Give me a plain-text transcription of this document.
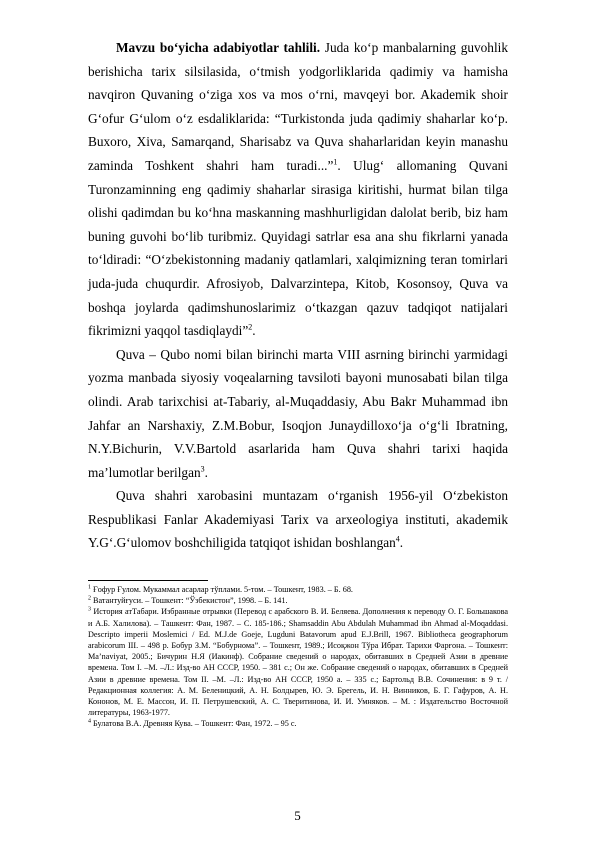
Mavzu bo‘yicha adabiyotlar tahlili. Juda ko‘p manbalarning guvohlik berishicha tarix silsilasida, o‘tmish yodgorliklarida qadimiy va hamisha navqiron Quvaning o‘ziga xos va mos o‘rni, mavqeyi bor. Akademik shoir G‘ofur G‘ulom o‘z esdaliklarida: “Turkistonda juda qadimiy shaharlar ko‘p. Buxoro, Xiva, Samarqand, Sharisabz va Quva shaharlaridan keyin manashu zaminda Toshkent shahri ham turadi...”$^1$. Ulug‘ allomaning Quvani Turonzaminning eng qadimiy shaharlar sirasiga kiritishi, hurmat bilan tilga olishi qadimdan bu ko‘hna maskanning mashhurligidan dalolat berib, biz ham buning guvohi bo‘lib turibmiz. Quyidagi satrlar esa ana shu fikrlarni yanada to‘ldiradi: “O‘zbekistonning madaniy qatlamlari, xalqimizning teran tomirlari juda-juda chuqurdir. Afrosiyob, Dalvarzintepa, Kitob, Kosonsoy, Quva va boshqa joylarda qadimshunoslarimiz o‘tkazgan qazuv tadqiqot natijalari fikrimizni yaqqol tasdiqlaydi”$^2$.

Quva – Qubo nomi bilan birinchi marta VIII asrning birinchi yarmidagi yozma manbada siyosiy voqealarning tavsiloti bayoni munosabati bilan tilga olindi. Arab tarixchisi at-Tabariy, al-Muqaddasiy, Abu Bakr Muhammad ibn Jahfar an Narshaxiy, Z.M.Bobur, Isoqjon Junaydilloxo‘ja o‘g‘li Ibratning, N.Y.Bichurin, V.V.Bartold asarlarida ham Quva shahri tarixi haqida ma’lumotlar berilgan$^3$.

Quva shahri xarobasini muntazam o‘rganish 1956-yil O‘zbekiston Respublikasi Fanlar Akademiyasi Tarix va arxeologiya instituti, akademik Y.G‘.G‘ulomov boshchiligida tatqiqot ishidan boshlangan$^4$.

$^1$ Ғофур Ғулом. Мукаммал асарлар тўплами. 5-том. – Тошкент, 1983. – Б. 68.

$^2$ Ватантуйғуси. – Тошкент: “Ўзбекистон”, 1998. – Б. 141.

$^3$ История атТабари. Избранные отрывки (Перевод с арабского В. И. Беляева. Дополнения к переводу О. Г. Большакова и А.Б. Халилова). – Ташкент: Фан, 1987. – С. 185-186.; Shamsaddin Abu Abdulah Muhammad ibn Ahmad al-Moqaddasi. Descripto imperii Moslemici / Ed. M.J.de Goeje, Lugduni Batavorum apud E.J.Brill, 1967. Bibliotheca geographorum arabicorum III. – 498 p. Бобур З.М. “Бобурнома”. – Тошкент, 1989.; Исоқжон Тўра Ибрат. Тарихи Фарғона. – Тошкент: Ma’naviyat, 2005.; Бичурин Н.Я (Иакинф). Собрание сведений о народах, обитавших в Средней Азии в древние времена. Том I. –М. –Л.: Изд-во АН СССР, 1950. – 381 с.; Он же. Собрание сведений о народах, обитавших в Средней Азии в древние времена. Том II. –М. –Л.: Изд-во АН СССР, 1950 а. – 335 с.; Бартольд В.В. Сочинения: в 9 т. / Редакционная коллегия: А. М. Беленицкий, А. Н. Болдырев, Ю. Э. Брегель, И. Н. Винников, Б. Г. Гафуров, А. Н. Кононов, М. Е. Массон, И. П. Петрушевский, А. С. Тверитинова, И. И. Умняков. – М. : Издательство Восточной литературы, 1963-1977.

$^4$ Булатова В.А. Древняя Кува. – Тошкент: Фан, 1972. – 95 с.

5
